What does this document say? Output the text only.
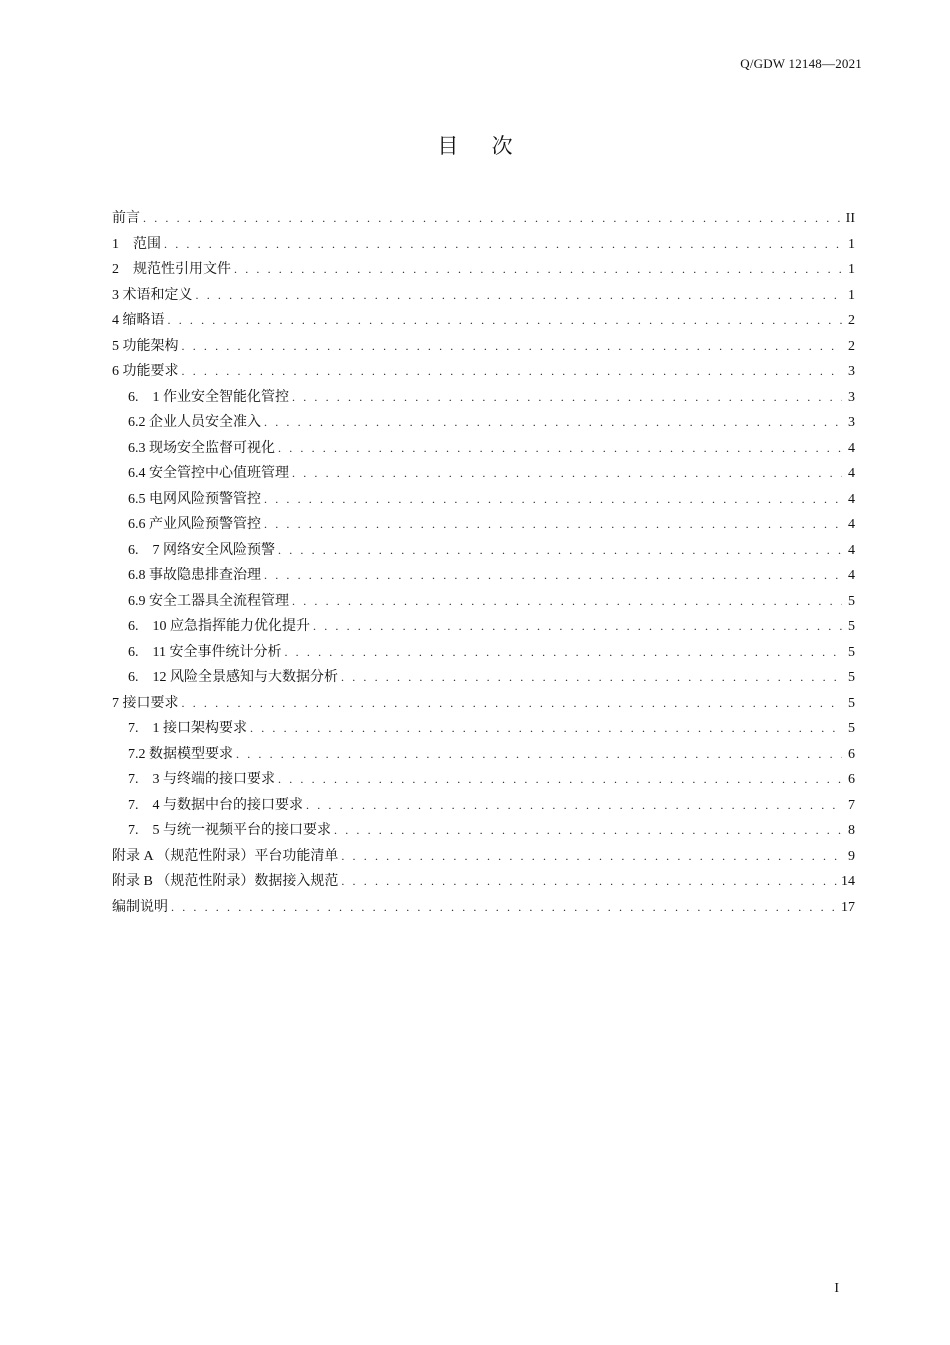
Q/GDW 12148—2021
目 次
前言 . . .	II
1　范围 . . .	1
2　规范性引用文件 . . .	1
3 术语和定义 . . .	1
4 缩略语 . . .	2
5 功能架构 . . .	2
6 功能要求 . . .	3
6.　1 作业安全智能化管控 . . .	3
6.2 企业人员安全准入 . . .	3
6.3 现场安全监督可视化 . . .	4
6.4 安全管控中心值班管理 . . .	4
6.5 电网风险预警管控 . . .	4
6.6 产业风险预警管控 . . .	4
6.　7 网络安全风险预警 . . .	4
6.8 事故隐患排查治理 . . .	4
6.9 安全工器具全流程管理 . . .	5
6.　10 应急指挥能力优化提升 . . .	5
6.　11 安全事件统计分析 . . .	5
6.　12 风险全景感知与大数据分析 . . .	5
7 接口要求 . . .	5
7.　1 接口架构要求 . . .	5
7.2 数据模型要求 . . .	6
7.　3 与终端的接口要求 . . .	6
7.　4 与数据中台的接口要求 . . .	7
7.　5 与统一视频平台的接口要求 . . .	8
附录 A （规范性附录）平台功能清单 . . .	9
附录 B （规范性附录）数据接入规范 . . .	14
编制说明 . . .	17
I
